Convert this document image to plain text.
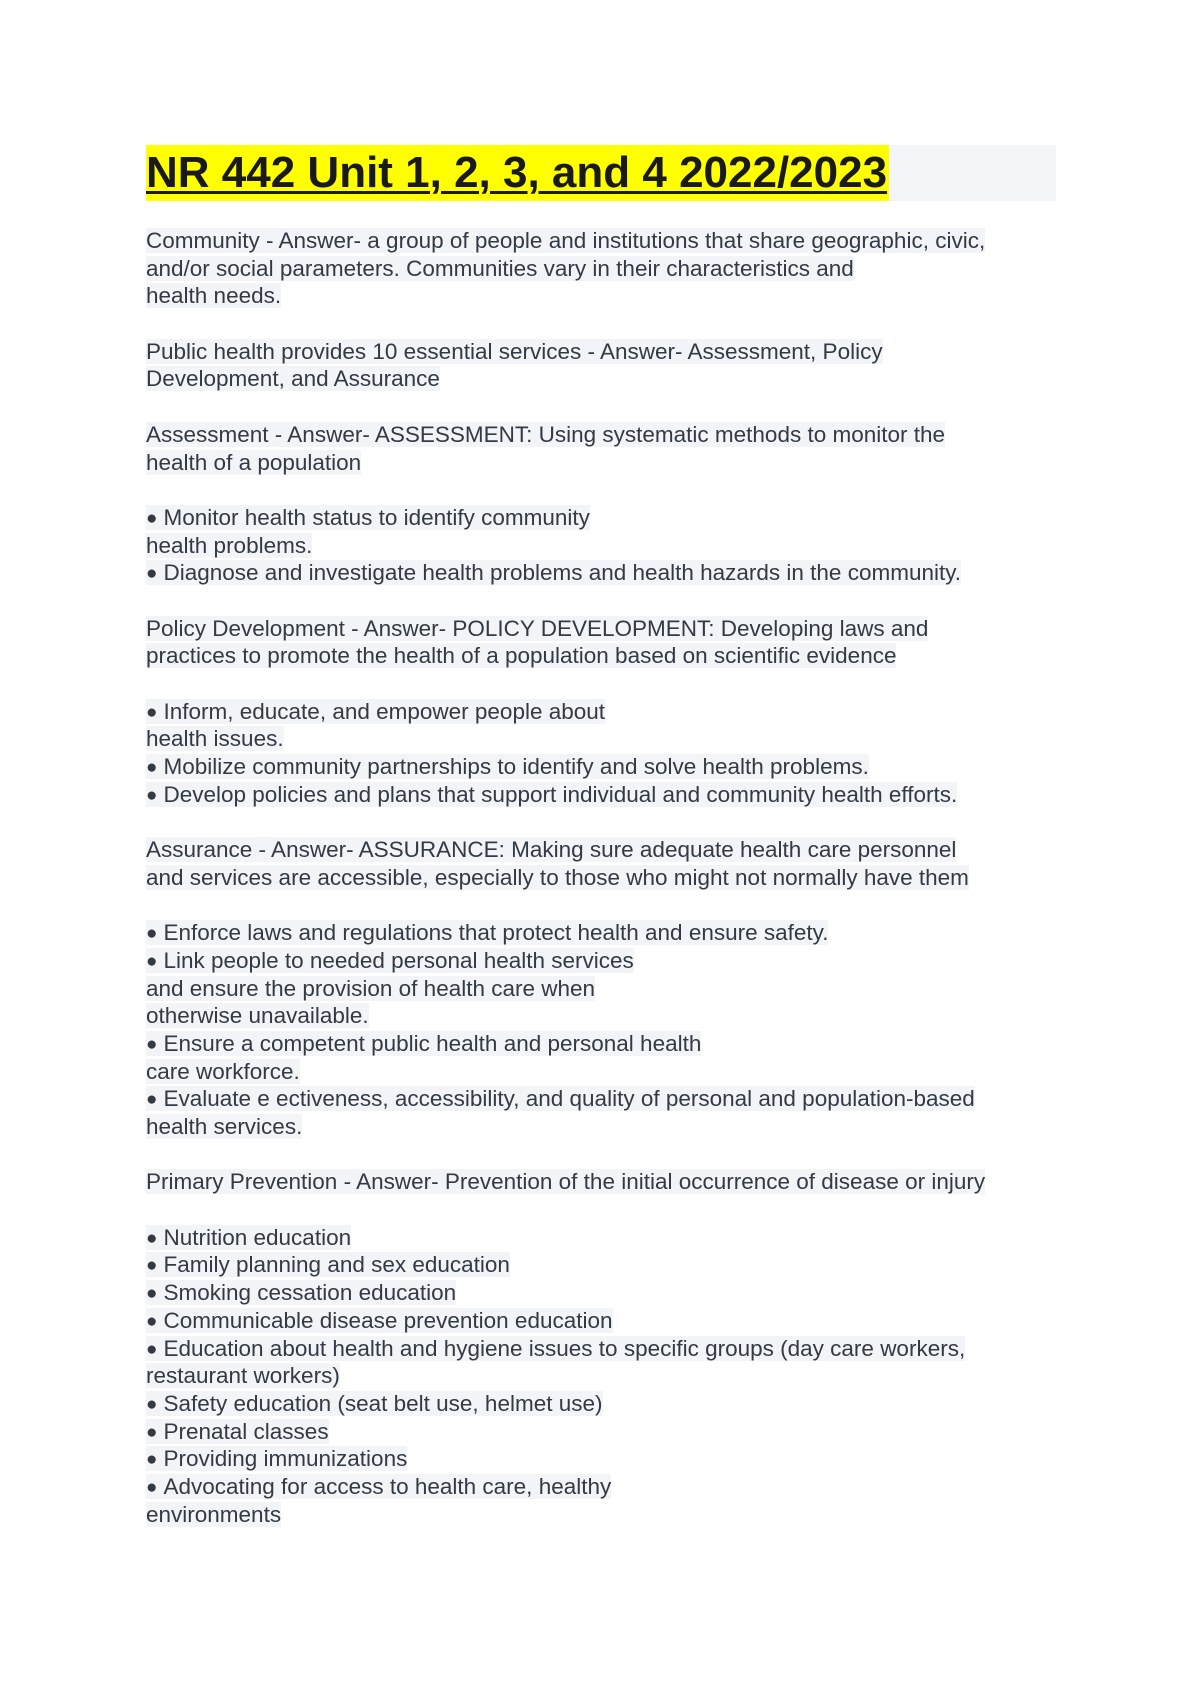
NR 442 Unit 1, 2, 3, and 4 2022/2023
Community - Answer- a group of people and institutions that share geographic, civic,
and/or social parameters. Communities vary in their characteristics and
health needs.
Public health provides 10 essential services - Answer- Assessment, Policy
Development, and Assurance
Assessment - Answer- ASSESSMENT: Using systematic methods to monitor the
health of a population
● Monitor health status to identify community
health problems.
● Diagnose and investigate health problems and health hazards in the community.
Policy Development - Answer- POLICY DEVELOPMENT: Developing laws and
practices to promote the health of a population based on scientific evidence
● Inform, educate, and empower people about
health issues.
● Mobilize community partnerships to identify and solve health problems.
● Develop policies and plans that support individual and community health efforts.
Assurance - Answer- ASSURANCE: Making sure adequate health care personnel
and services are accessible, especially to those who might not normally have them
● Enforce laws and regulations that protect health and ensure safety.
● Link people to needed personal health services
and ensure the provision of health care when
otherwise unavailable.
● Ensure a competent public health and personal health
care workforce.
● Evaluate e ectiveness, accessibility, and quality of personal and population-based
health services.
Primary Prevention - Answer- Prevention of the initial occurrence of disease or injury
● Nutrition education
● Family planning and sex education
● Smoking cessation education
● Communicable disease prevention education
● Education about health and hygiene issues to specific groups (day care workers,
restaurant workers)
● Safety education (seat belt use, helmet use)
● Prenatal classes
● Providing immunizations
● Advocating for access to health care, healthy
environments
